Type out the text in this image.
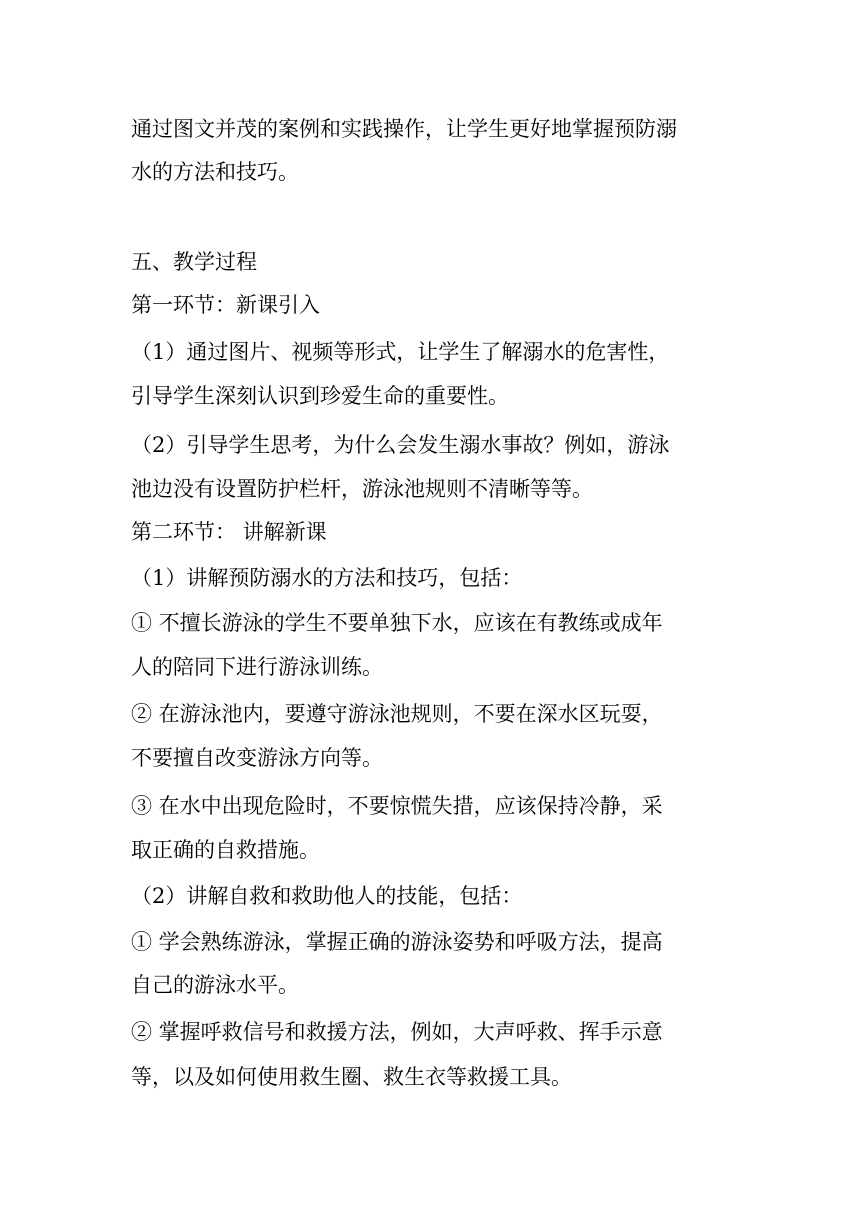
通过图文并茂的案例和实践操作，让学生更好地掌握预防溺
水的方法和技巧。
五、教学过程
第一环节：新课引入
（1）通过图片、视频等形式，让学生了解溺水的危害性，
引导学生深刻认识到珍爱生命的重要性。
（2）引导学生思考，为什么会发生溺水事故？例如，游泳
池边没有设置防护栏杆，游泳池规则不清晰等等。
第二环节： 讲解新课
（1）讲解预防溺水的方法和技巧，包括：
① 不擅长游泳的学生不要单独下水，应该在有教练或成年
人的陪同下进行游泳训练。
② 在游泳池内，要遵守游泳池规则，不要在深水区玩耍，
不要擅自改变游泳方向等。
③ 在水中出现危险时，不要惊慌失措，应该保持冷静，采
取正确的自救措施。
（2）讲解自救和救助他人的技能，包括：
① 学会熟练游泳，掌握正确的游泳姿势和呼吸方法，提高
自己的游泳水平。
② 掌握呼救信号和救援方法，例如，大声呼救、挥手示意
等，以及如何使用救生圈、救生衣等救援工具。
